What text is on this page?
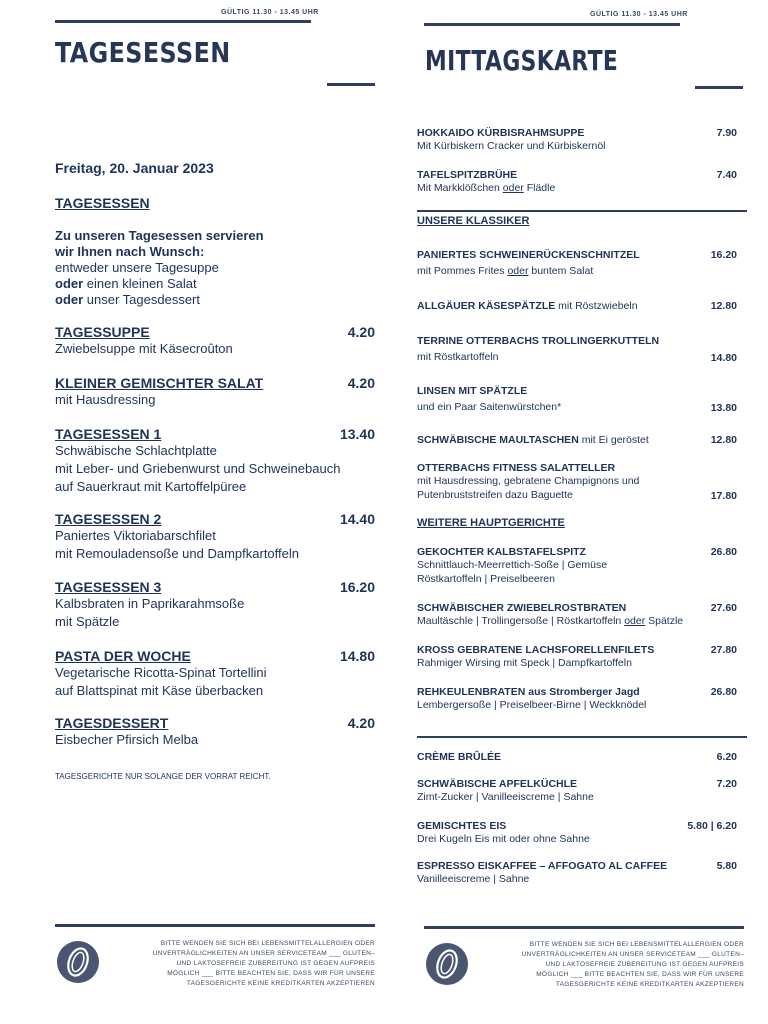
GÜLTIG 11.30 - 13.45 UHR
TAGESESSEN
Freitag, 20. Januar 2023
TAGESESSEN
Zu unseren Tagesessen servieren
wir Ihnen nach Wunsch:
entweder unsere Tagesuppe
oder einen kleinen Salat
oder unser Tagesdessert
TAGESSUPPE	4.20
Zwiebelsuppe mit Käsecroûton
KLEINER GEMISCHTER SALAT	4.20
mit Hausdressing
TAGESESSEN 1	13.40
Schwäbische Schlachtplatte
mit Leber- und Griebenwurst und Schweinebauch
auf Sauerkraut mit Kartoffelpüree
TAGESESSEN 2	14.40
Paniertes Viktoriabarschfilet
mit Remouladensoße und Dampfkartoffeln
TAGESESSEN 3	16.20
Kalbsbraten in Paprikarahmsoße
mit Spätzle
PASTA DER WOCHE	14.80
Vegetarische Ricotta-Spinat Tortellini
auf Blattspinat mit Käse überbacken
TAGESDESSERT	4.20
Eisbecher Pfirsich Melba
TAGESGERICHTE NUR SOLANGE DER VORRAT REICHT.
BITTE WENDEN SIE SICH BEI LEBENSMITTELALLERGIEN ODER
UNVERTRÄGLICHKEITEN AN UNSER SERVICETEAM ___ GLUTEN–
UND LAKTOSEFREIE ZUBEREITUNG IST GEGEN AUFPREIS
MÖGLICH ___ BITTE BEACHTEN SIE, DASS WIR FÜR UNSERE
TAGESGERICHTE KEINE KREDITKARTEN AKZEPTIEREN
GÜLTIG 11.30 - 13.45 UHR
MITTAGSKARTE
HOKKAIDO KÜRBISRAHMSUPPE	7.90
Mit Kürbiskern Cracker und Kürbiskernöl
TAFELSPITZBRÜHE	7.40
Mit Markklößchen oder Flädle
UNSERE KLASSIKER
PANIERTES SCHWEINERÜCKENSCHNITZEL	16.20
mit Pommes Frites oder buntem Salat
ALLGÄUER KÄSESPÄTZLE mit Röstzwiebeln	12.80
TERRINE OTTERBACHS TROLLINGERKUTTELN
mit Röstkartoffeln	14.80
LINSEN MIT SPÄTZLE
und ein Paar Saitenwürstchen*	13.80
SCHWÄBISCHE MAULTASCHEN mit Ei geröstet	12.80
OTTERBACHS FITNESS SALATTELLER
mit Hausdressing, gebratene Champignons und
Putenbruststreifen dazu Baguette	17.80
WEITERE HAUPTGERICHTE
GEKOCHTER KALBSTAFELSPITZ	26.80
Schnittlauch-Meerrettich-Soße | Gemüse
Röstkartoffeln | Preiselbeeren
SCHWÄBISCHER ZWIEBELROSTBRATEN	27.60
Maultäschle | Trollingersoße | Röstkartoffeln oder Spätzle
KROSS GEBRATENE LACHSFORELLENFILETS	27.80
Rahmiger Wirsing mit Speck | Dampfkartoffeln
REHKEULENBRATEN aus Stromberger Jagd	26.80
Lembergersoße | Preiselbeer-Birne | Weckknödel
CRÈME BRÛLÉE	6.20
SCHWÄBISCHE APFELKÜCHLE	7.20
Zimt-Zucker | Vanilleeiscreme | Sahne
GEMISCHTES EIS	5.80 | 6.20
Drei Kugeln Eis mit oder ohne Sahne
ESPRESSO EISKAFFEE – AFFOGATO AL CAFFEE	5.80
Vanilleeiscreme | Sahne
BITTE WENDEN SIE SICH BEI LEBENSMITTELALLERGIEN ODER
UNVERTRÄGLICHKEITEN AN UNSER SERVICETEAM ___ GLUTEN–
UND LAKTOSEFREIE ZUBEREITUNG IST GEGEN AUFPREIS
MÖGLICH ___ BITTE BEACHTEN SIE, DASS WIR FÜR UNSERE
TAGESGERICHTE KEINE KREDITKARTEN AKZEPTIEREN
